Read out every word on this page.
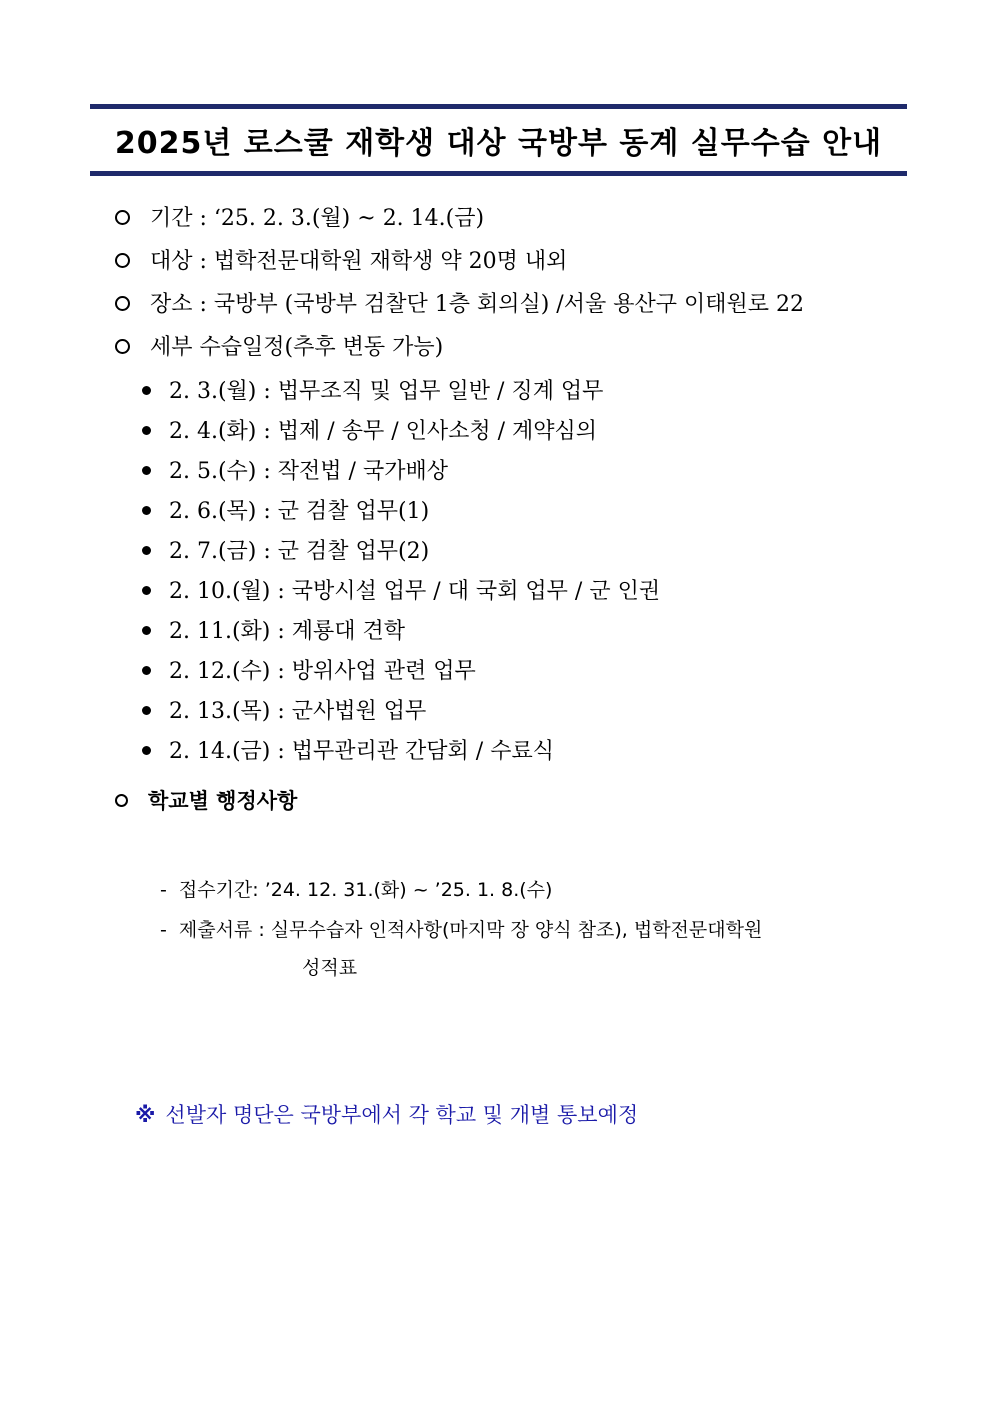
2025년 로스쿨 재학생 대상 국방부 동계 실무수습 안내
기간 : ‘25. 2. 3.(월) ~ 2. 14.(금)
대상 : 법학전문대학원 재학생 약 20명 내외
장소 : 국방부 (국방부 검찰단 1층 회의실) /서울 용산구 이태원로 22
세부 수습일정(추후 변동 가능)
2. 3.(월) : 법무조직 및 업무 일반 / 징계 업무
2. 4.(화) : 법제 / 송무 / 인사소청 / 계약심의
2. 5.(수) : 작전법 / 국가배상
2. 6.(목) : 군 검찰 업무(1)
2. 7.(금) : 군 검찰 업무(2)
2. 10.(월) : 국방시설 업무 / 대 국회 업무 / 군 인권
2. 11.(화) : 계룡대 견학
2. 12.(수) : 방위사업 관련 업무
2. 13.(목) : 군사법원 업무
2. 14.(금) : 법무관리관 간담회 / 수료식
학교별 행정사항
- 접수기간: ’24. 12. 31.(화) ~ ’25. 1. 8.(수)
- 제출서류 : 실무수습자 인적사항(마지막 장 양식 참조), 법학전문대학원
성적표
※ 선발자 명단은 국방부에서 각 학교 및 개별 통보예정
